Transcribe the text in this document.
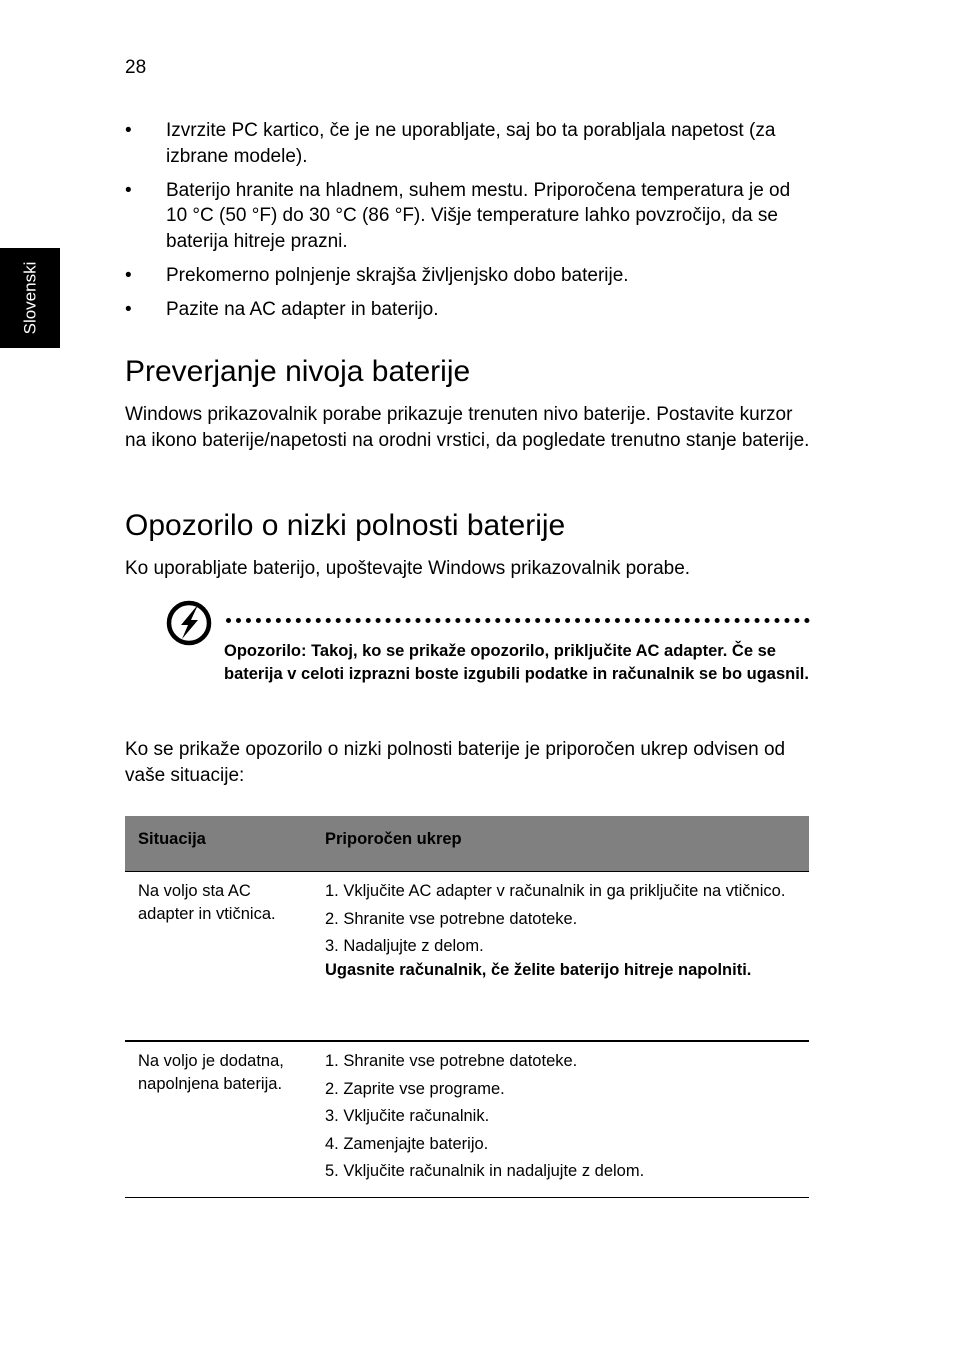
28
Slovenski
• Izvrzite PC kartico, če je ne uporabljate, saj bo ta porabljala napetost (za izbrane modele).
• Baterijo hranite na hladnem, suhem mestu. Priporočena temperatura je od 10 °C (50 °F) do 30 °C (86 °F). Višje temperature lahko povzročijo, da se baterija hitreje prazni.
• Prekomerno polnjenje skrajša življenjsko dobo baterije.
• Pazite na AC adapter in baterijo.
Preverjanje nivoja baterije

Windows prikazovalnik porabe prikazuje trenuten nivo baterije. Postavite kurzor na ikono baterije/napetosti na orodni vrstici, da pogledate trenutno stanje baterije.

Opozorilo o nizki polnosti baterije

Ko uporabljate baterijo, upoštevajte Windows prikazovalnik porabe.

Opozorilo: Takoj, ko se prikaže opozorilo, priključite AC adapter. Če se baterija v celoti izprazni boste izgubili podatke in računalnik se bo ugasnil.

Ko se prikaže opozorilo o nizki polnosti baterije je priporočen ukrep odvisen od vaše situacije:

Situacija	Priporočen ukrep
Na voljo sta AC adapter in vtičnica.
1. Vključite AC adapter v računalnik in ga priključite na vtičnico.
2. Shranite vse potrebne datoteke.
3. Nadaljujte z delom.
Ugasnite računalnik, če želite baterijo hitreje napolniti.
Na voljo je dodatna, napolnjena baterija.
1. Shranite vse potrebne datoteke.
2. Zaprite vse programe.
3. Vključite računalnik.
4. Zamenjajte baterijo.
5. Vključite računalnik in nadaljujte z delom.
